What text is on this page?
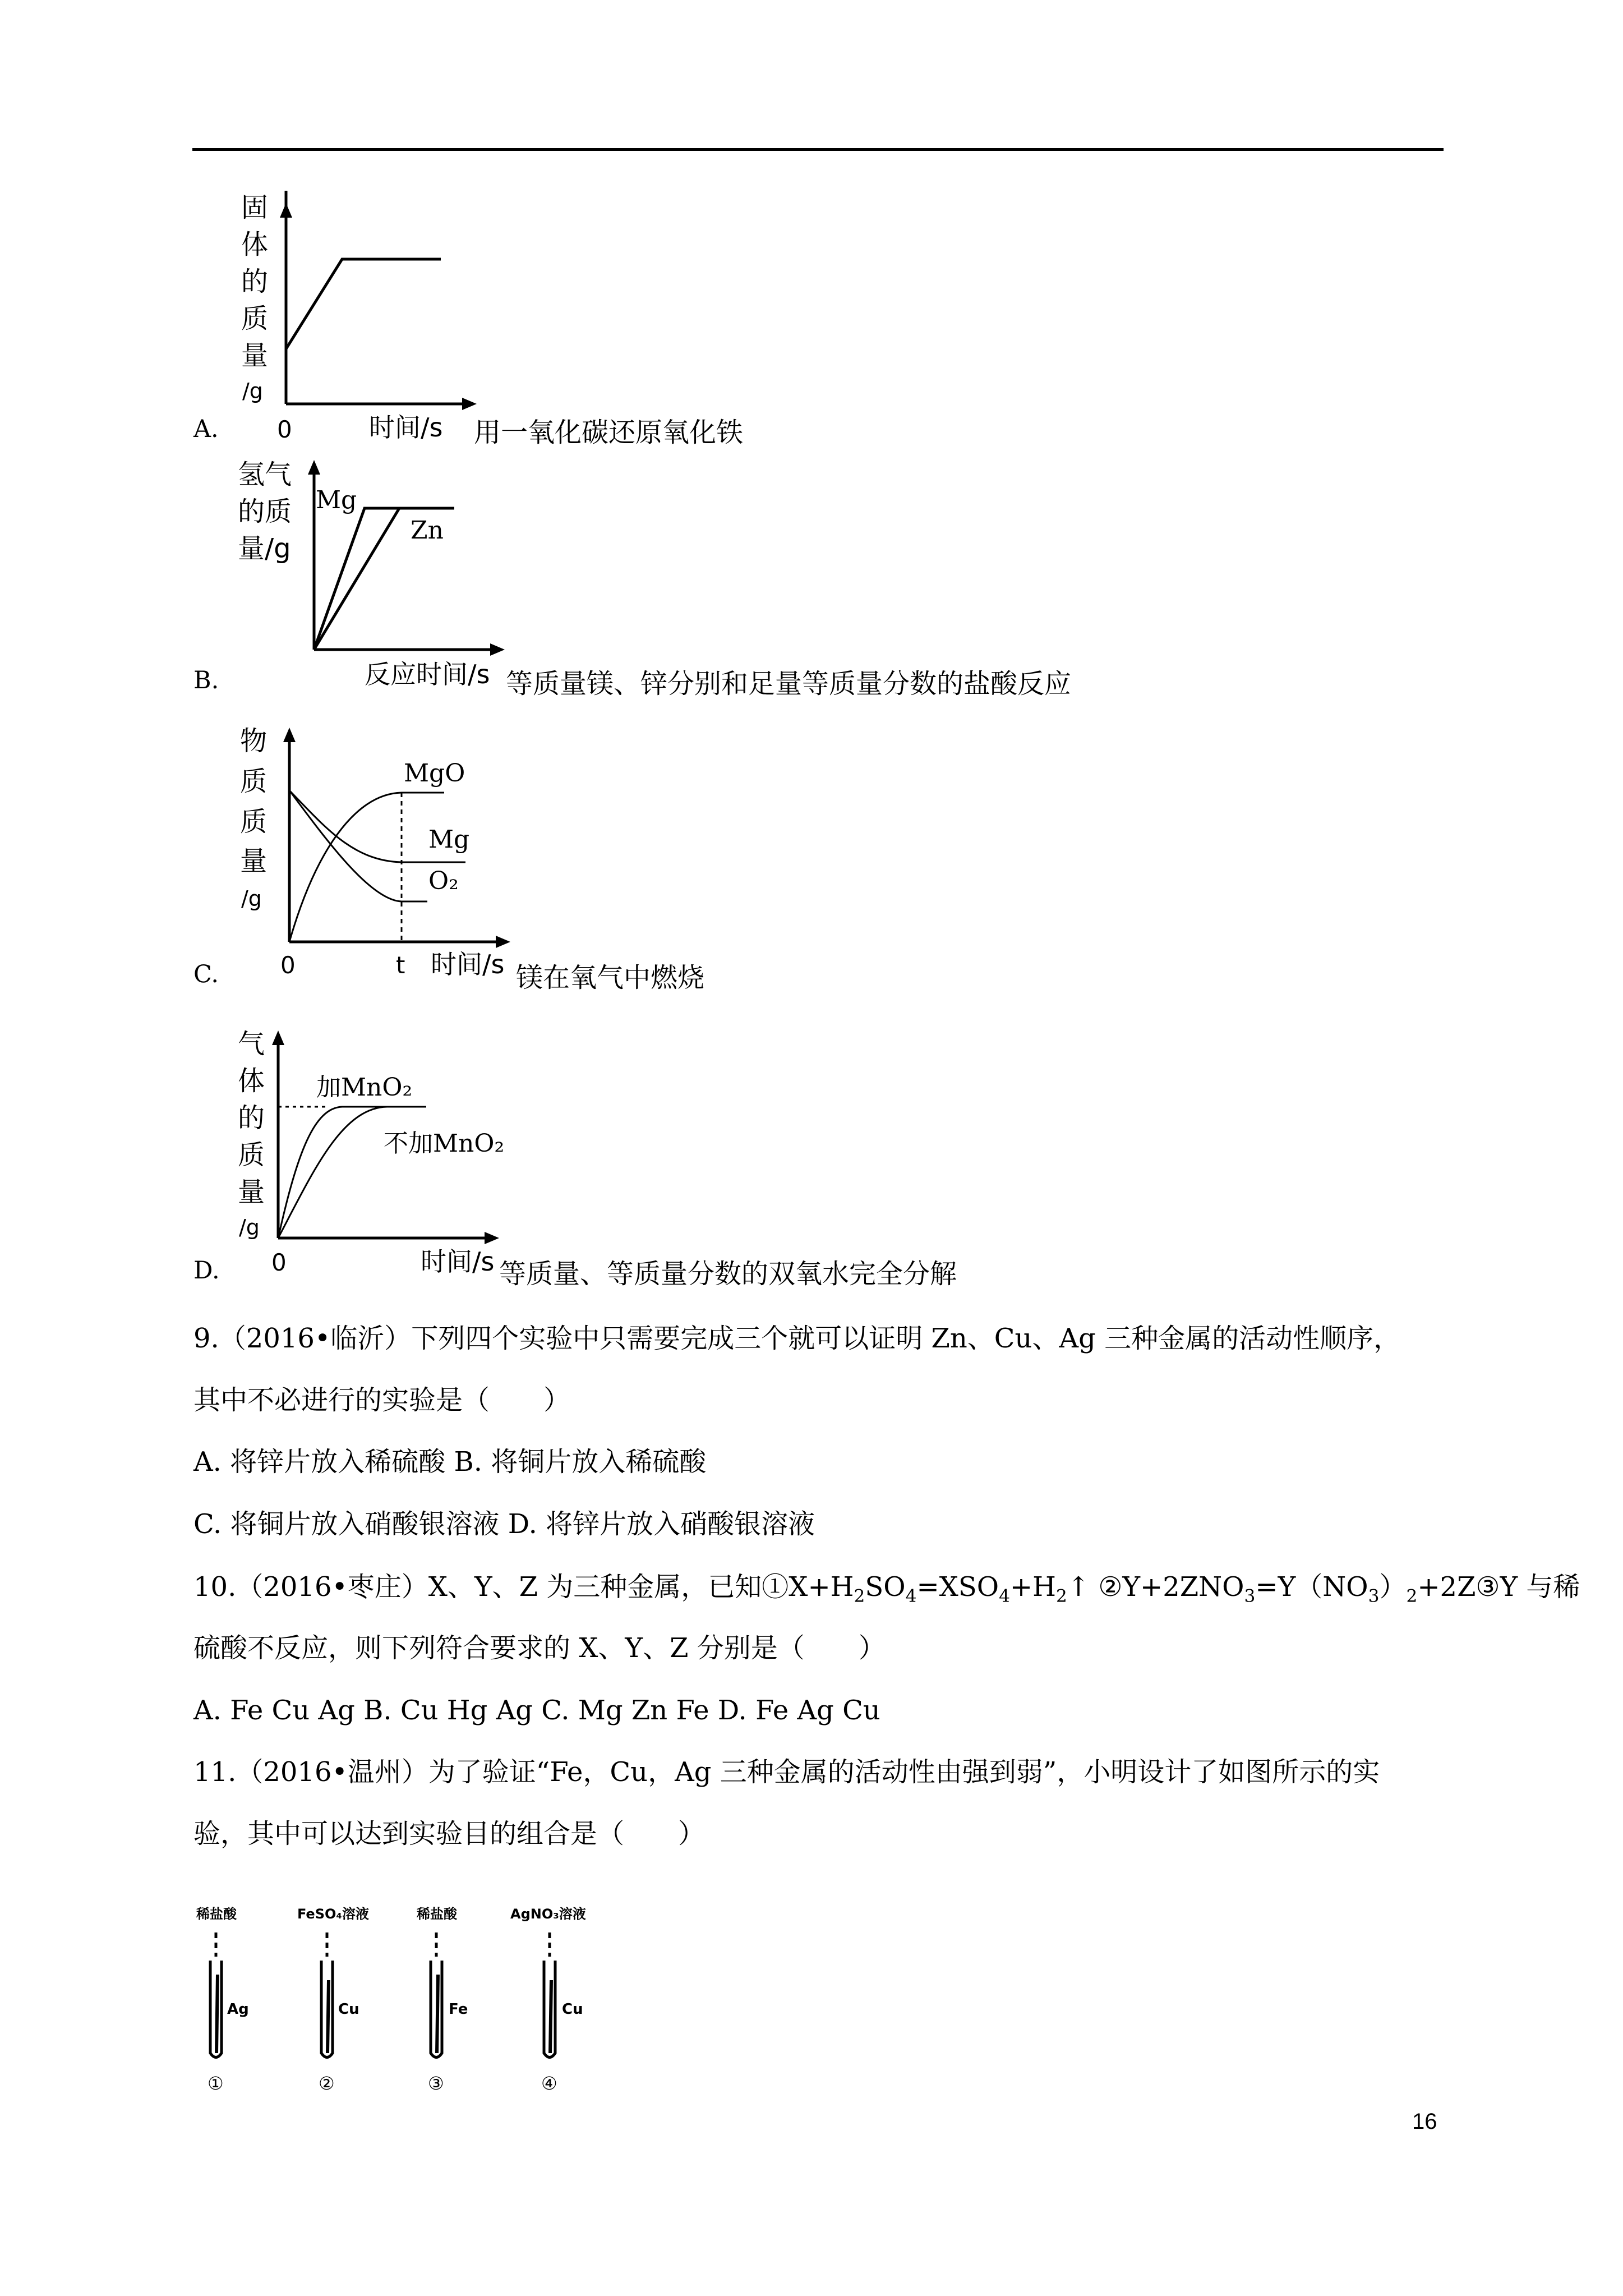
固
体
的
质
量
/g
0	时间/s
A.	用一氧化碳还原氧化铁
氢气
的质
量/g
Mg
Zn
反应时间/s
B.	等质量镁、锌分别和足量等质量分数的盐酸反应
物
质
质
量
/g
MgO
Mg
O₂
0	t 时间/s
C.	镁在氧气中燃烧
气
体
的
质
量
/g
加MnO₂
不加MnO₂
0	时间/s
D.	等质量、等质量分数的双氧水完全分解
9.（2016•临沂）下列四个实验中只需要完成三个就可以证明 Zn、Cu、Ag 三种金属的活动性顺序，
其中不必进行的实验是（　　）
A. 将锌片放入稀硫酸 B. 将铜片放入稀硫酸
C. 将铜片放入硝酸银溶液 D. 将锌片放入硝酸银溶液
10.（2016•枣庄）X、Y、Z 为三种金属，已知$①X+H_2SO_4=XSO_4+H_2↑$ $②Y+2ZNO_3=Y(NO_3)_2+2Z③Y$ 与稀
硫酸不反应，则下列符合要求的 X、Y、Z 分别是（　　）
A. Fe Cu Ag B. Cu Hg Ag C. Mg Zn Fe D. Fe Ag Cu
11.（2016•温州）为了验证“Fe，Cu，Ag 三种金属的活动性由强到弱”，小明设计了如图所示的实
验，其中可以达到实验目的组合是（　　）
稀盐酸
Ag
①
FeSO₄溶液
Cu
②
稀盐酸
Fe
③
AgNO₃溶液
Cu
④
16
